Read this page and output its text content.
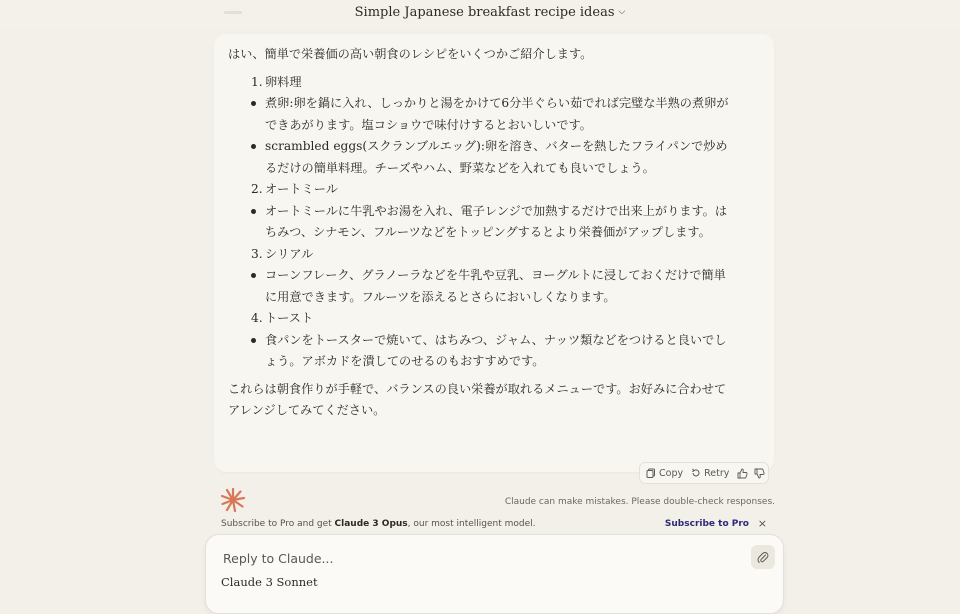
Simple Japanese breakfast recipe ideas ⌵

はい、簡単で栄養価の高い朝食のレシピをいくつかご紹介します。

1. 卵料理

煮卵:卵を鍋に入れ、しっかりと湯をかけて6分半ぐらい茹でれば完璧な半熟の煮卵ができあがります。塩コショウで味付けするとおいしいです。

scrambled eggs(スクランブルエッグ):卵を溶き、バターを熱したフライパンで炒めるだけの簡単料理。チーズやハム、野菜などを入れても良いでしょう。

2. オートミール

オートミールに牛乳やお湯を入れ、電子レンジで加熱するだけで出来上がります。はちみつ、シナモン、フルーツなどをトッピングするとより栄養価がアップします。

3. シリアル

コーンフレーク、グラノーラなどを牛乳や豆乳、ヨーグルトに浸しておくだけで簡単に用意できます。フルーツを添えるとさらにおいしくなります。

4. トースト

食パンをトースターで焼いて、はちみつ、ジャム、ナッツ類などをつけると良いでしょう。アボカドを潰してのせるのもおすすめです。

これらは朝食作りが手軽で、バランスの良い栄養が取れるメニューです。お好みに合わせてアレンジしてみてください。

Copy Retry
Claude can make mistakes. Please double-check responses.
Subscribe to Pro and get Claude 3 Opus, our most intelligent model.	Subscribe to Pro ×
Reply to Claude...
Claude 3 Sonnet
